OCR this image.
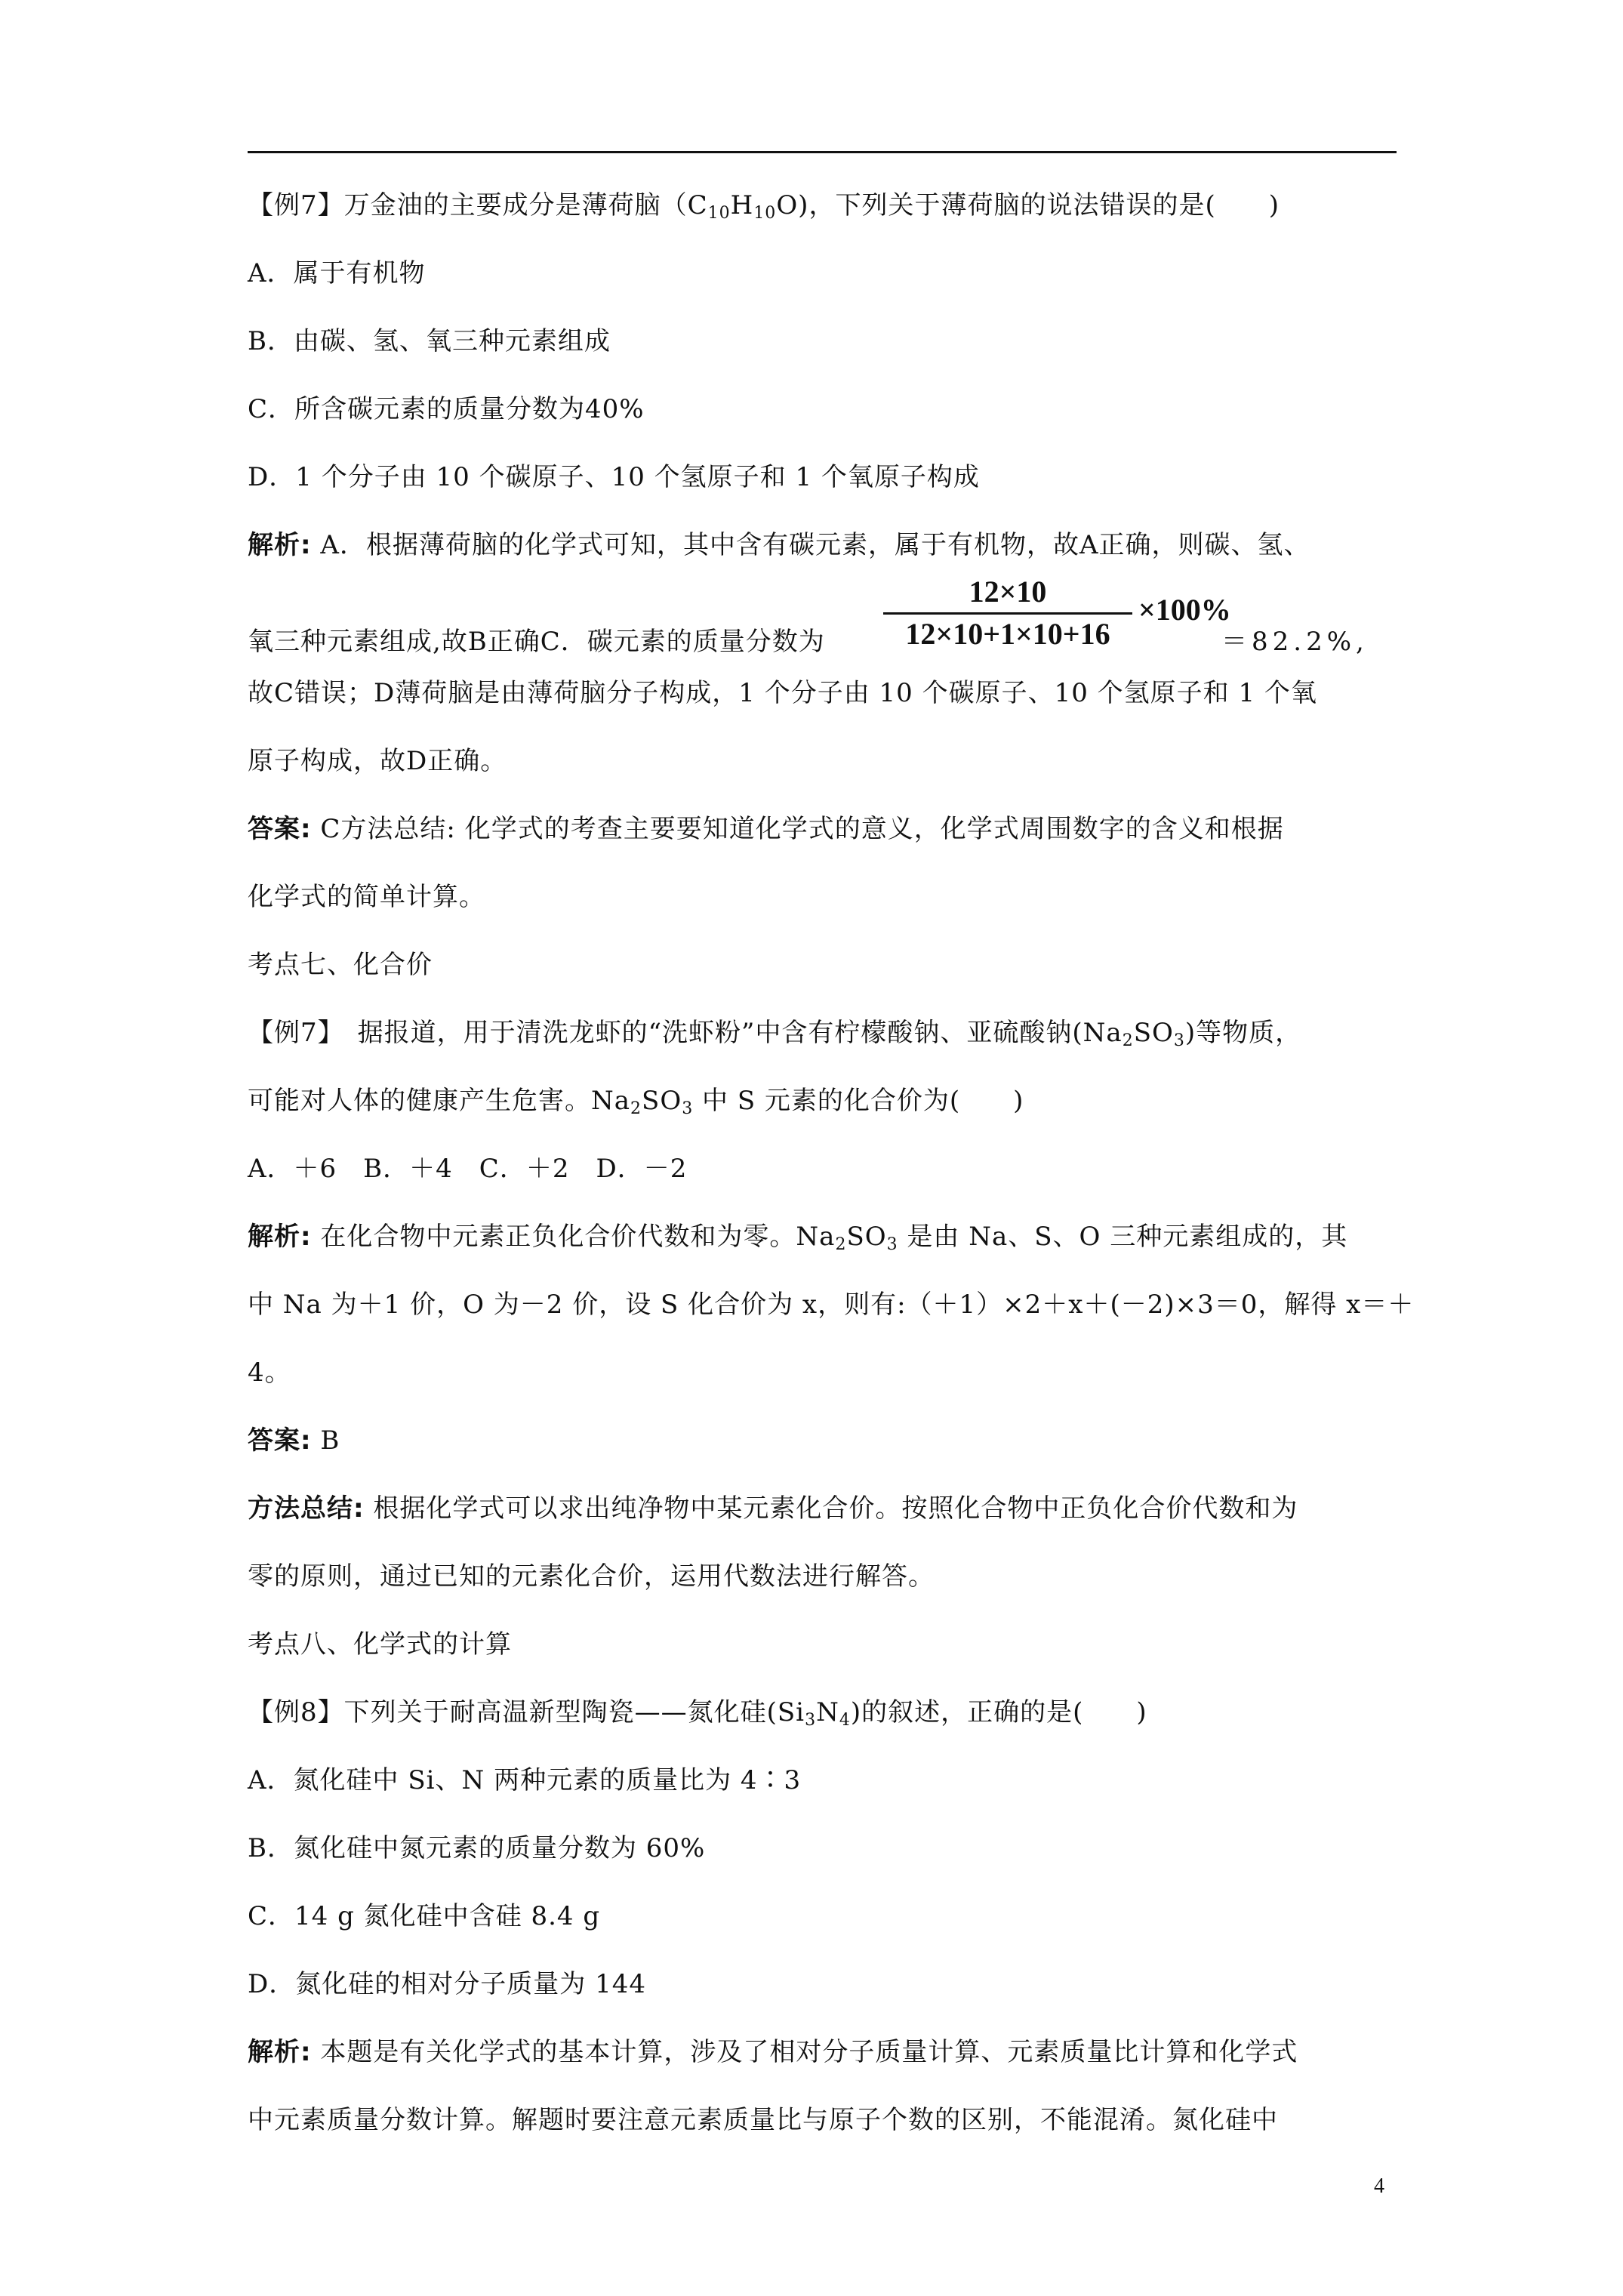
【例7】万金油的主要成分是薄荷脑$(C_{10}H_{10}O)$，下列关于薄荷脑的说法错误的是(　　)
A．属于有机物
B．由碳、氢、氧三种元素组成
C．所含碳元素的质量分数为40%
D．1 个分子由 10 个碳原子、10 个氢原子和 1 个氧原子构成
解析: A．根据薄荷脑的化学式可知，其中含有碳元素，属于有机物，故A正确，则碳、氢、
氧三种元素组成,故B正确C．碳元素的质量分数为
12×10
12×10+1×10+16
×100%
＝82.2%,
故C错误；D薄荷脑是由薄荷脑分子构成，1 个分子由 10 个碳原子、10 个氢原子和 1 个氧
原子构成，故D正确。
答案: C方法总结: 化学式的考查主要要知道化学式的意义，化学式周围数字的含义和根据
化学式的简单计算。
考点七、化合价
【例7】　据报道，用于清洗龙虾的“洗虾粉”中含有柠檬酸钠、亚硫酸钠$(Na_2SO_3)$等物质，
可能对人体的健康产生危害。$Na_2SO_3$ 中 S 元素的化合价为(　　)
A．＋6　B．＋4　C．＋2　D．－2
解析: 在化合物中元素正负化合价代数和为零。$Na_2SO_3$ 是由 Na、S、O 三种元素组成的，其
中 Na 为＋1 价，O 为－2 价，设 S 化合价为 x，则有:（＋1）×2＋x＋(－2)×3＝0，解得 x＝＋
4。
答案: B
方法总结: 根据化学式可以求出纯净物中某元素化合价。按照化合物中正负化合价代数和为
零的原则，通过已知的元素化合价，运用代数法进行解答。
考点八、化学式的计算
【例8】下列关于耐高温新型陶瓷——氮化硅$(Si_3N_4)$的叙述，正确的是(　　)
A．氮化硅中 Si、N 两种元素的质量比为 4∶3
B．氮化硅中氮元素的质量分数为 60%
C．14 g 氮化硅中含硅 8.4 g
D．氮化硅的相对分子质量为 144
解析: 本题是有关化学式的基本计算，涉及了相对分子质量计算、元素质量比计算和化学式
中元素质量分数计算。解题时要注意元素质量比与原子个数的区别，不能混淆。氮化硅中
4
